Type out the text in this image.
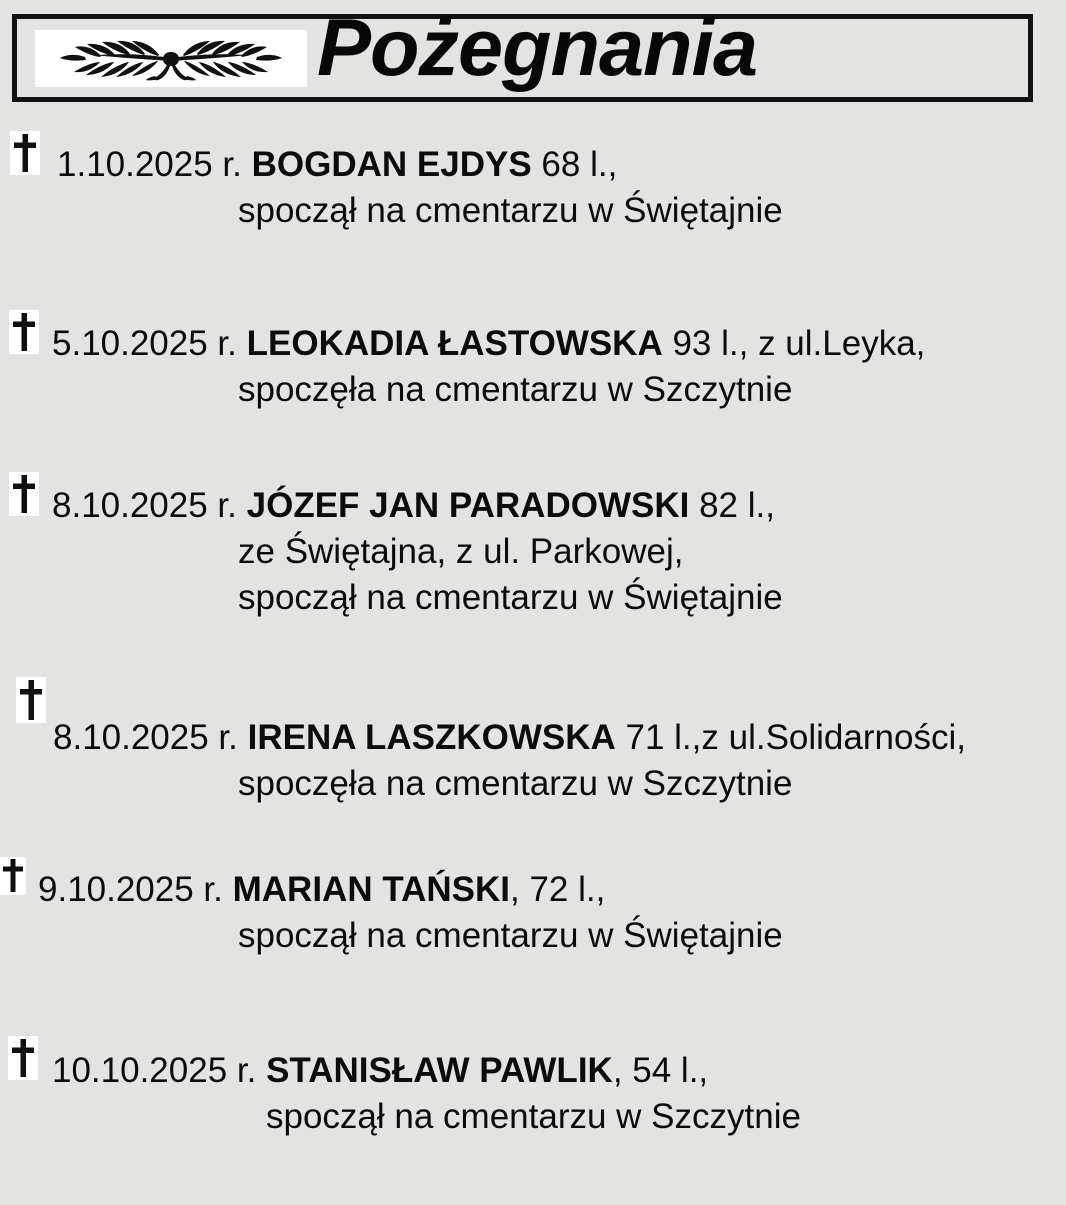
Pożegnania
1.10.2025 r. BOGDAN EJDYS 68 l.,
spoczął na cmentarzu w Świętajnie
5.10.2025 r. LEOKADIA ŁASTOWSKA 93 l., z ul.Leyka,
spoczęła na cmentarzu w Szczytnie
8.10.2025 r. JÓZEF JAN PARADOWSKI 82 l.,
ze Świętajna, z ul. Parkowej,
spoczął na cmentarzu w Świętajnie
8.10.2025 r. IRENA LASZKOWSKA 71 l.,z ul.Solidarności,
spoczęła na cmentarzu w Szczytnie
9.10.2025 r. MARIAN TAŃSKI, 72 l.,
spoczął na cmentarzu w Świętajnie
10.10.2025 r. STANISŁAW PAWLIK, 54 l.,
spoczął na cmentarzu w Szczytnie
